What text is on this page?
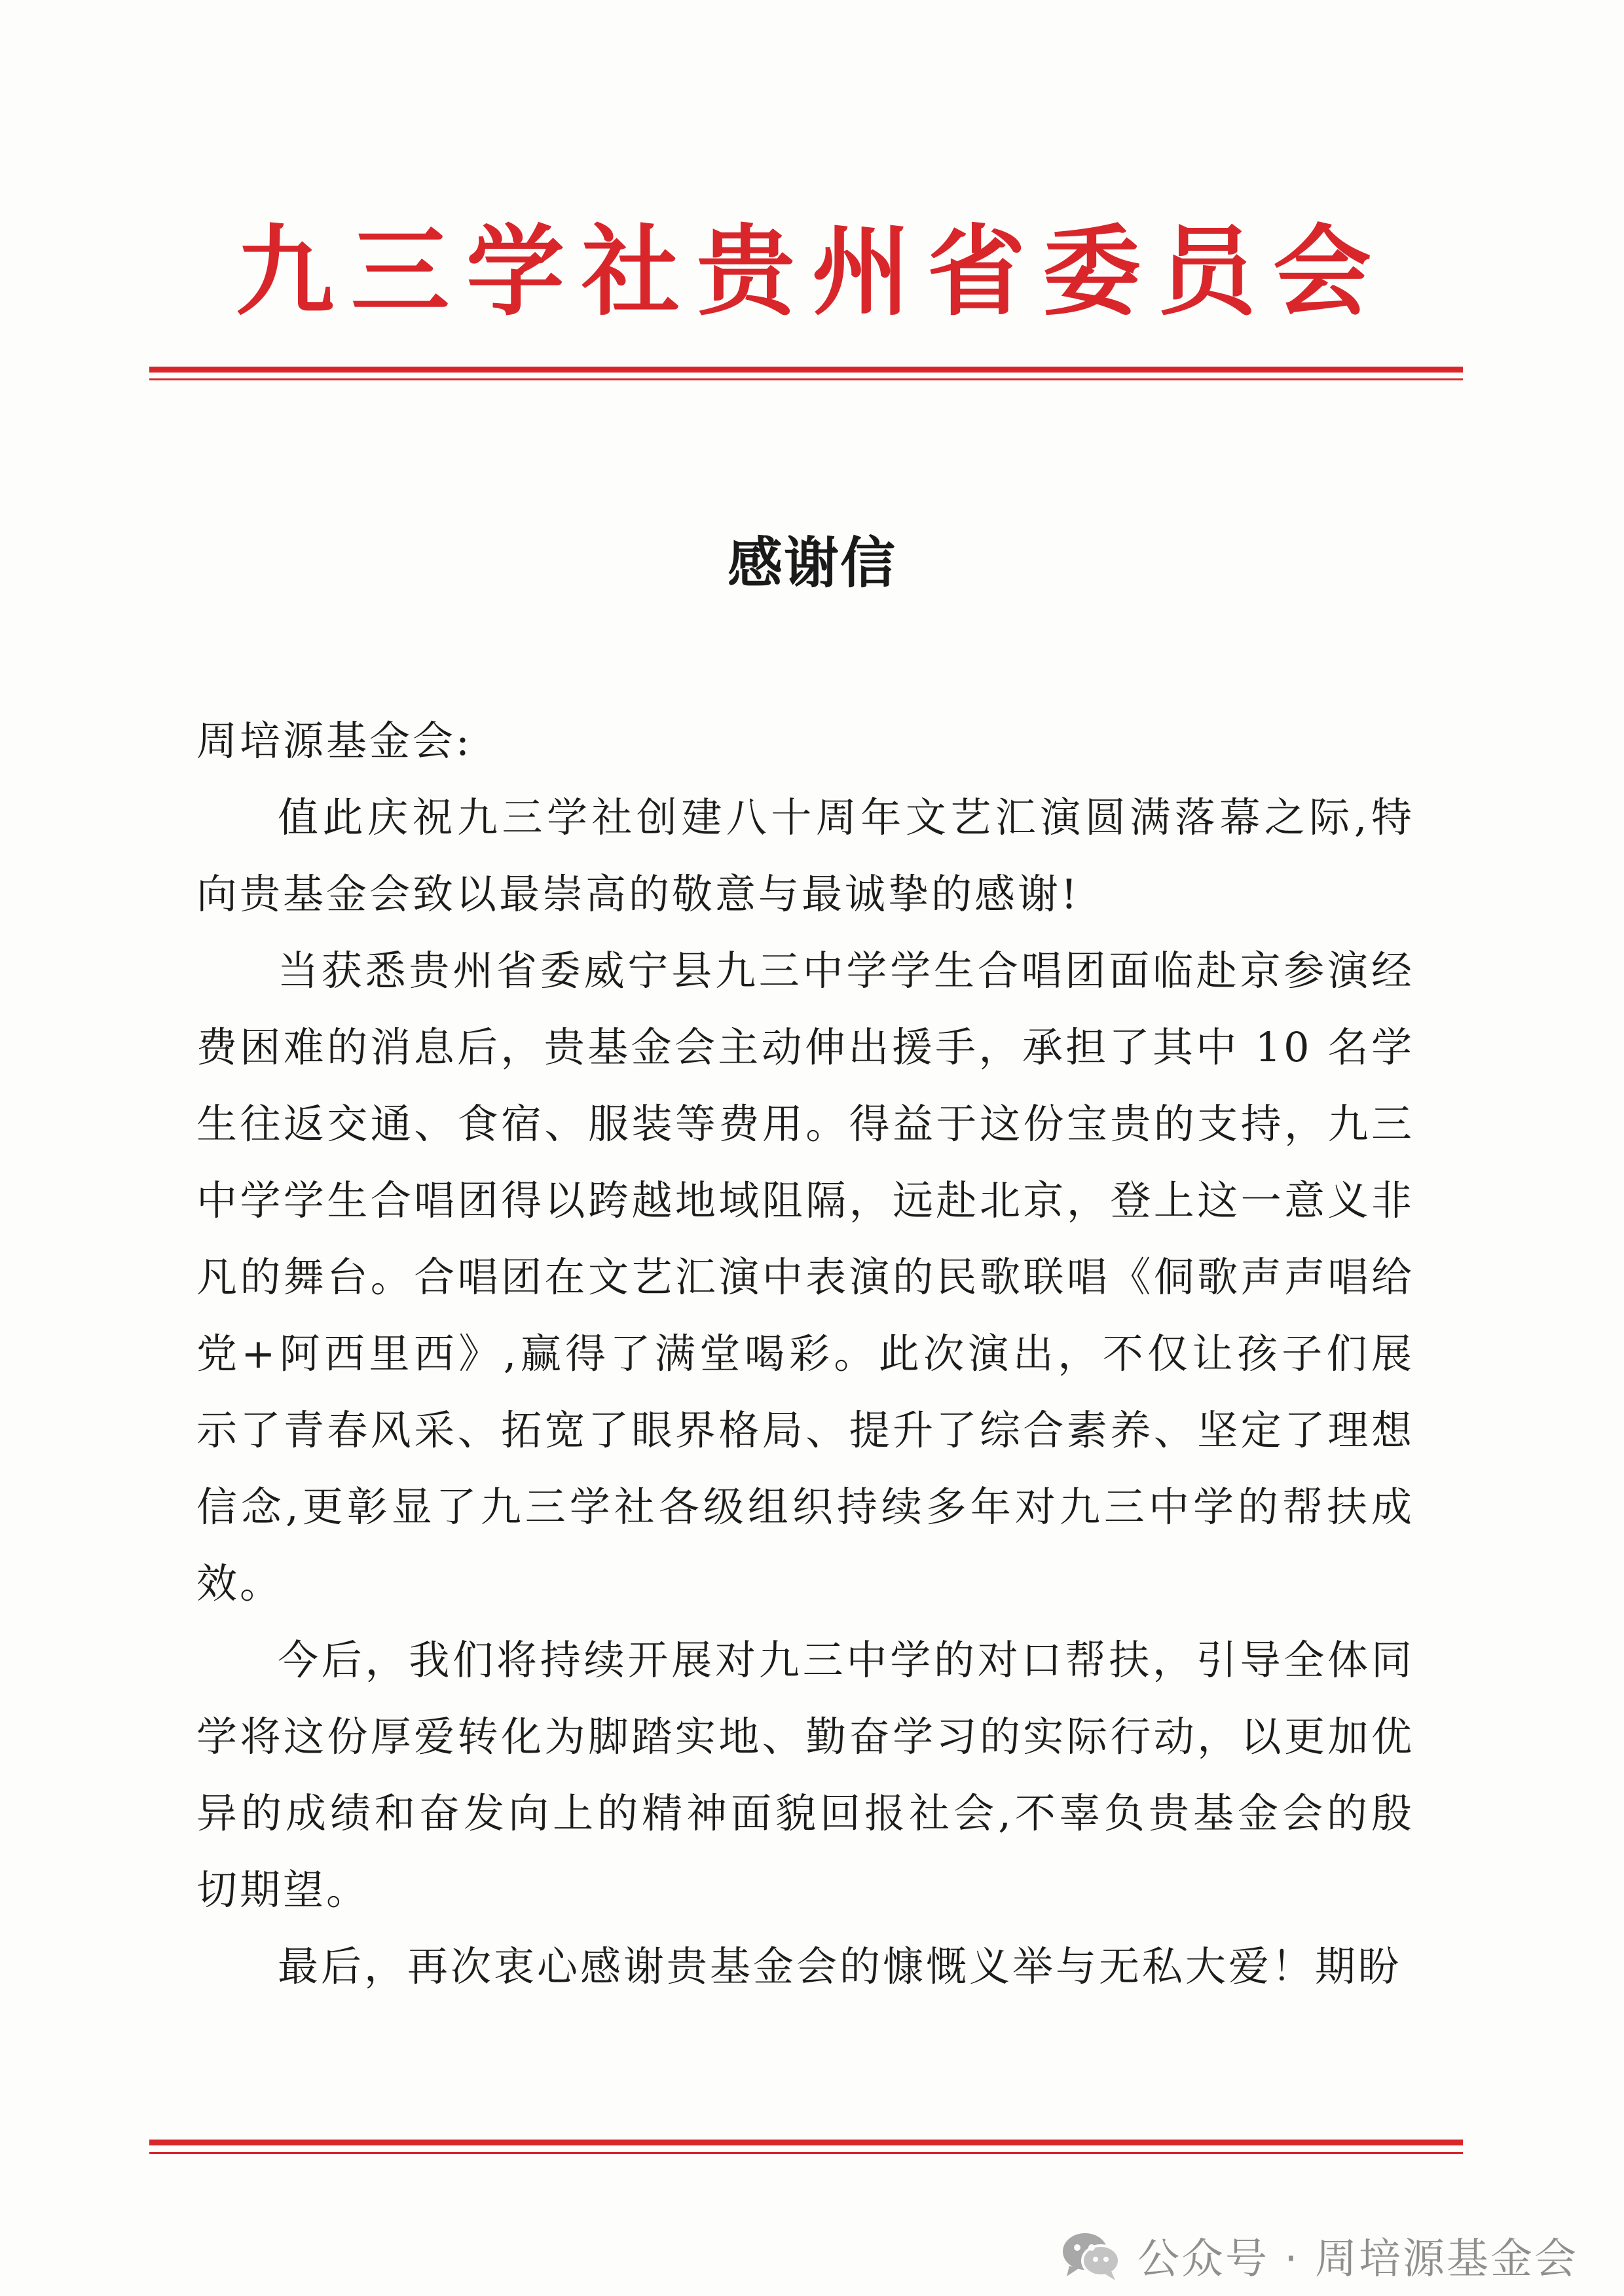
九三学社贵州省委员会
感谢信

周培源基金会:

值此庆祝九三学社创建八十周年文艺汇演圆满落幕之际,特向贵基金会致以最崇高的敬意与最诚挚的感谢!

当获悉贵州省委威宁县九三中学学生合唱团面临赴京参演经费困难的消息后，贵基金会主动伸出援手，承担了其中 10 名学生往返交通、食宿、服装等费用。得益于这份宝贵的支持，九三中学学生合唱团得以跨越地域阻隔，远赴北京，登上这一意义非凡的舞台。合唱团在文艺汇演中表演的民歌联唱《侗歌声声唱给党+阿西里西》,赢得了满堂喝彩。此次演出，不仅让孩子们展示了青春风采、拓宽了眼界格局、提升了综合素养、坚定了理想信念,更彰显了九三学社各级组织持续多年对九三中学的帮扶成效。

今后，我们将持续开展对九三中学的对口帮扶，引导全体同学将这份厚爱转化为脚踏实地、勤奋学习的实际行动，以更加优异的成绩和奋发向上的精神面貌回报社会,不辜负贵基金会的殷切期望。

最后，再次衷心感谢贵基金会的慷慨义举与无私大爱！期盼

公众号 · 周培源基金会
